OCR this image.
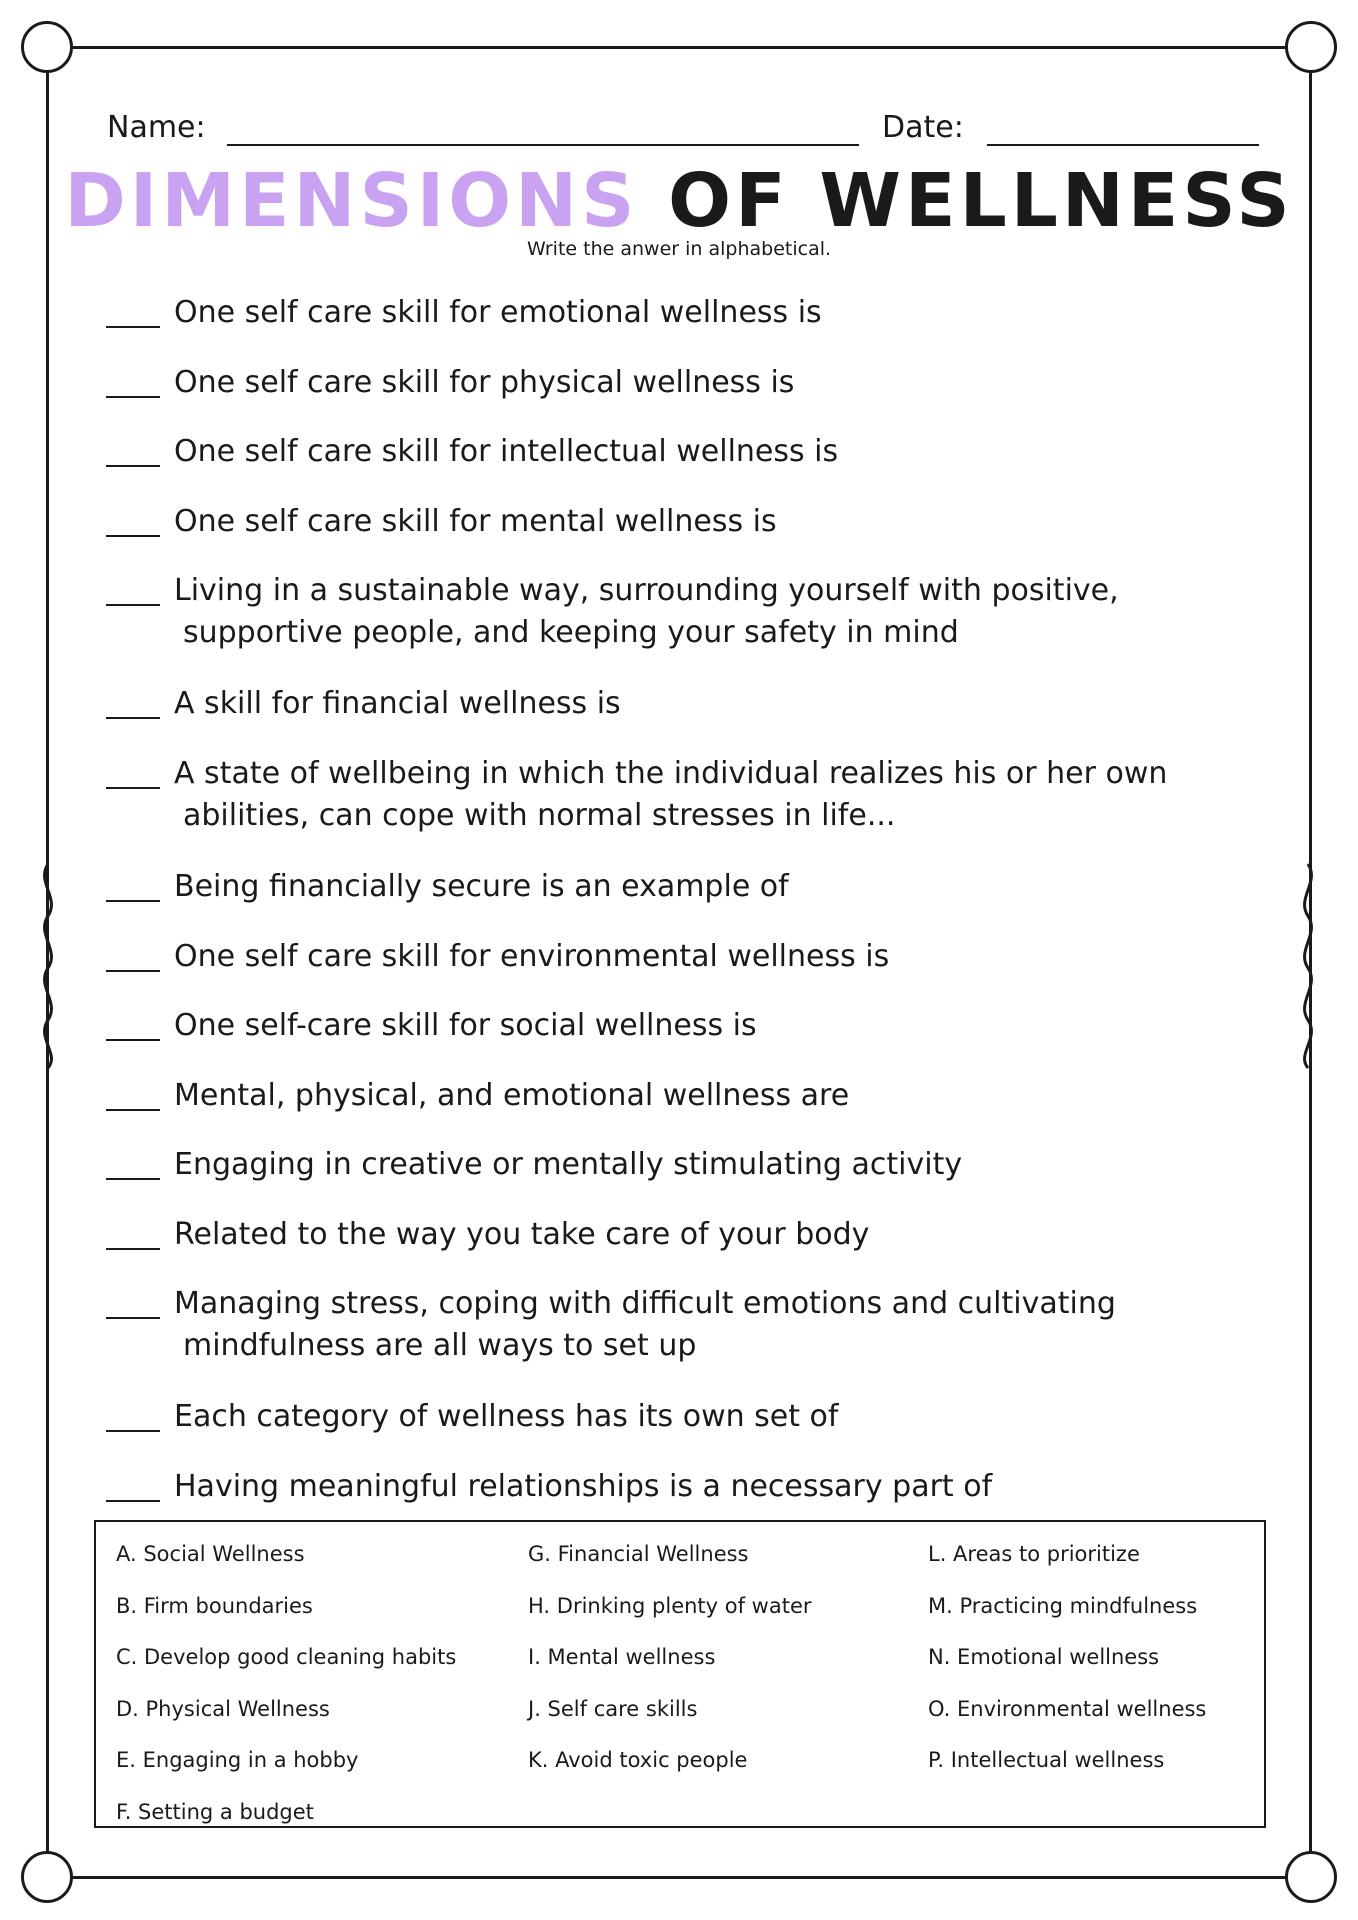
Name:	Date:
DIMENSIONS OF WELLNESS
Write the anwer in alphabetical.
One self care skill for emotional wellness is
One self care skill for physical wellness is
One self care skill for intellectual wellness is
One self care skill for mental wellness is
Living in a sustainable way, surrounding yourself with positive,
supportive people, and keeping your safety in mind
A skill for financial wellness is
A state of wellbeing in which the individual realizes his or her own
abilities, can cope with normal stresses in life...
Being financially secure is an example of
One self care skill for environmental wellness is
One self-care skill for social wellness is
Mental, physical, and emotional wellness are
Engaging in creative or mentally stimulating activity
Related to the way you take care of your body
Managing stress, coping with difficult emotions and cultivating
mindfulness are all ways to set up
Each category of wellness has its own set of
Having meaningful relationships is a necessary part of
A. Social Wellness
B. Firm boundaries
C. Develop good cleaning habits
D. Physical Wellness
E. Engaging in a hobby
F. Setting a budget
G. Financial Wellness
H. Drinking plenty of water
I. Mental wellness
J. Self care skills
K. Avoid toxic people
L. Areas to prioritize
M. Practicing mindfulness
N. Emotional wellness
O. Environmental wellness
P. Intellectual wellness
